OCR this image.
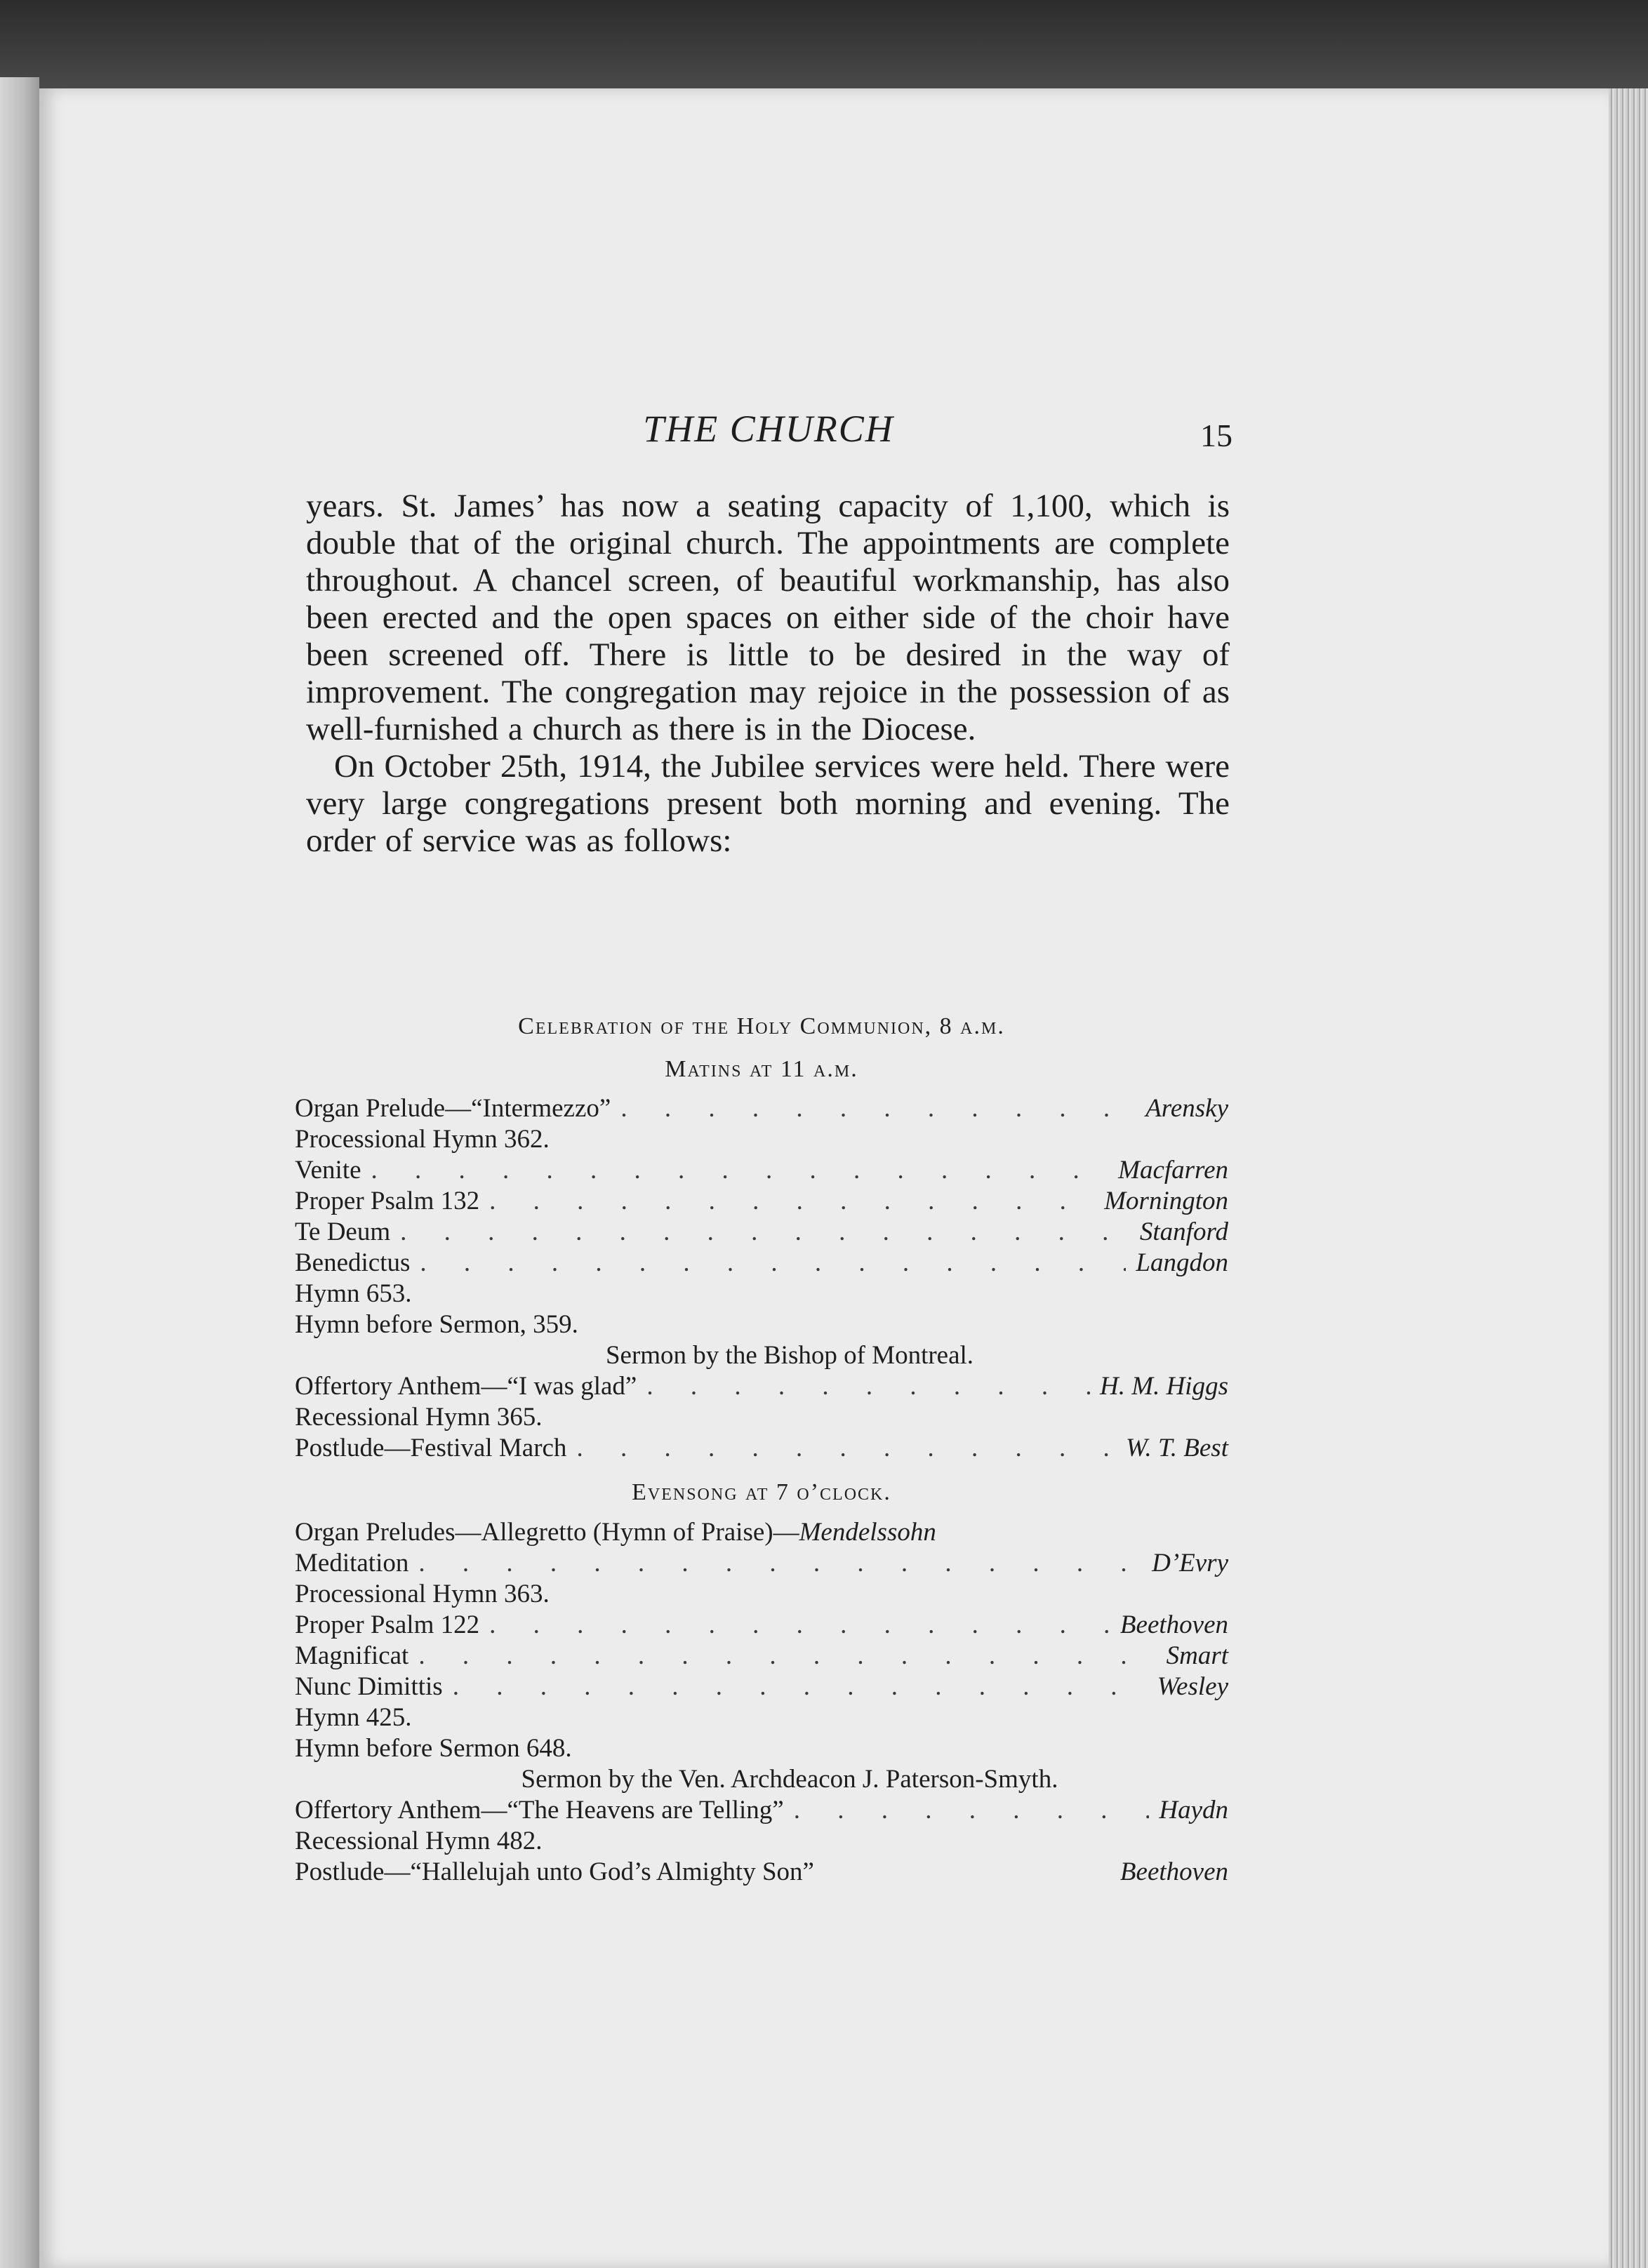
THE CHURCH	15

years. St. James’ has now a seating capacity of 1,100, which is double that of the original church. The appointments are complete throughout. A chancel screen, of beautiful workmanship, has also been erected and the open spaces on either side of the choir have been screened off. There is little to be desired in the way of improvement. The congregation may rejoice in the possession of as well-furnished a church as there is in the Diocese.

On October 25th, 1914, the Jubilee services were held. There were very large congregations present both morning and evening. The order of service was as follows:

Celebration of the Holy Communion, 8 a.m.
Matins at 11 a.m.
Organ Prelude—“Intermezzo” . . .	Arensky
Processional Hymn 362.
Venite . . .	Macfarren
Proper Psalm 132 . . .	Mornington
Te Deum . . .	Stanford
Benedictus . . .	Langdon
Hymn 653.
Hymn before Sermon, 359.
Sermon by the Bishop of Montreal.
Offertory Anthem—“I was glad” . . .	H. M. Higgs
Recessional Hymn 365.
Postlude—Festival March . . .	W. T. Best
Evensong at 7 o’clock.
Organ Preludes—Allegretto (Hymn of Praise)— Mendelssohn
Meditation . . .	D’Evry
Processional Hymn 363.
Proper Psalm 122 . . .	Beethoven
Magnificat . . .	Smart
Nunc Dimittis . . .	Wesley
Hymn 425.
Hymn before Sermon 648.
Sermon by the Ven. Archdeacon J. Paterson-Smyth.
Offertory Anthem—“The Heavens are Telling” . . .	Haydn
Recessional Hymn 482.
Postlude—“Hallelujah unto God’s Almighty Son”	Beethoven
